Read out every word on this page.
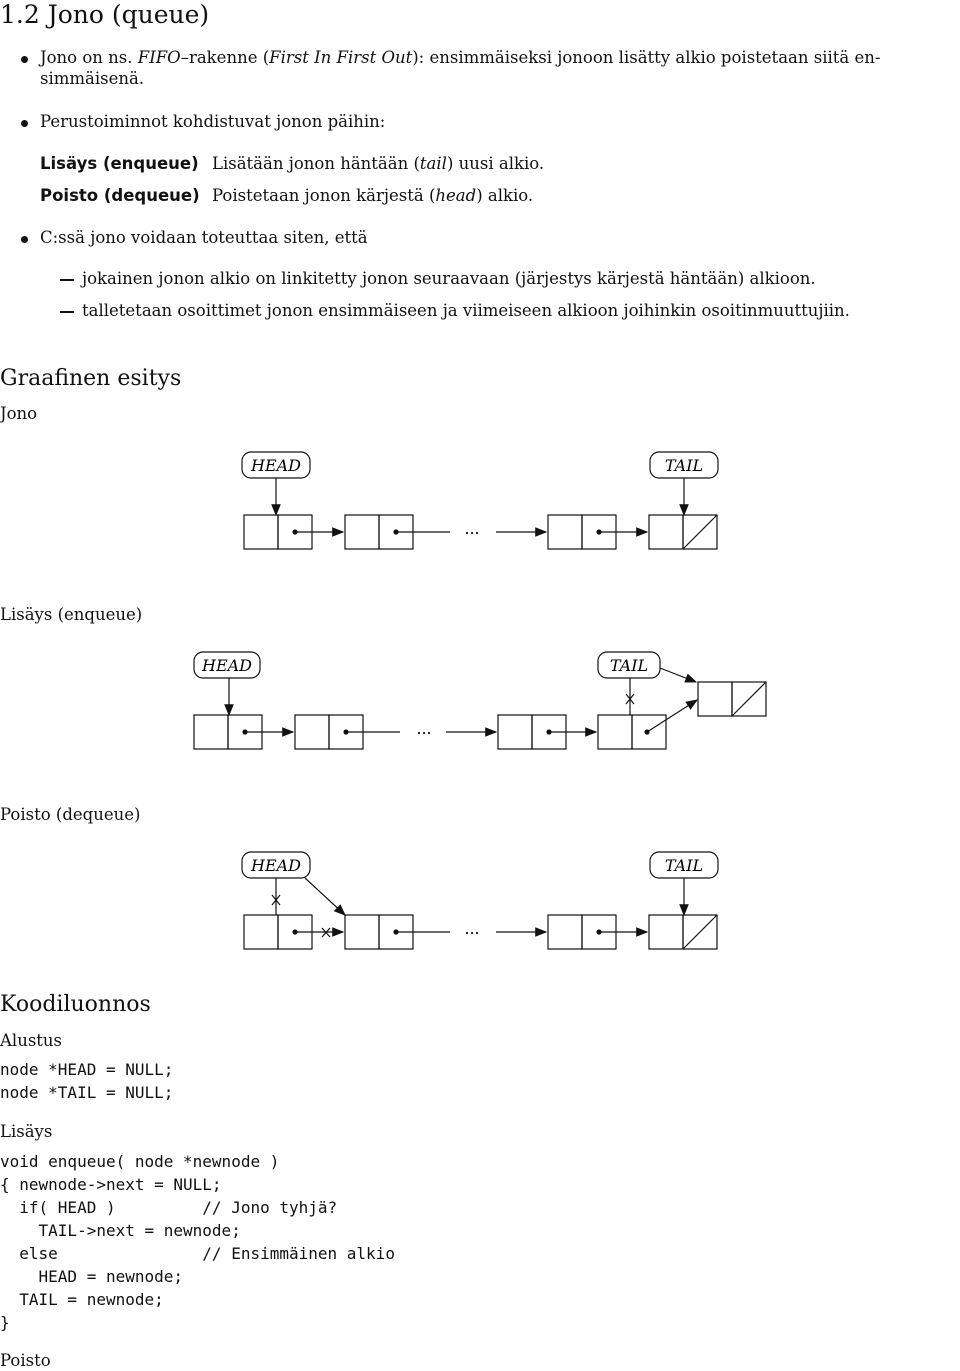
1.2 Jono (queue)
Jono on ns. FIFO–rakenne (First In First Out): ensimmäiseksi jonoon lisätty alkio poistetaan siitä en-
simmäisenä.
Perustoiminnot kohdistuvat jonon päihin:
Lisäys (enqueue) Lisätään jonon häntään (tail) uusi alkio.
Poisto (dequeue) Poistetaan jonon kärjestä (head) alkio.
C:ssä jono voidaan toteuttaa siten, että
jokainen jonon alkio on linkitetty jonon seuraavaan (järjestys kärjestä häntään) alkioon.
talletetaan osoittimet jonon ensimmäiseen ja viimeiseen alkioon joihinkin osoitinmuuttujiin.
Graafinen esitys
Jono
HEAD	TAIL
...
Lisäys (enqueue)
HEAD	TAIL
...
Poisto (dequeue)
HEAD	TAIL
...
Koodiluonnos
Alustus
node *HEAD = NULL;
node *TAIL = NULL;
Lisäys
void enqueue( node *newnode )
{ newnode->next = NULL;
if( HEAD )         // Jono tyhjä?
TAIL->next = newnode;
else               // Ensimmäinen alkio
HEAD = newnode;
TAIL = newnode;
}
Poisto
